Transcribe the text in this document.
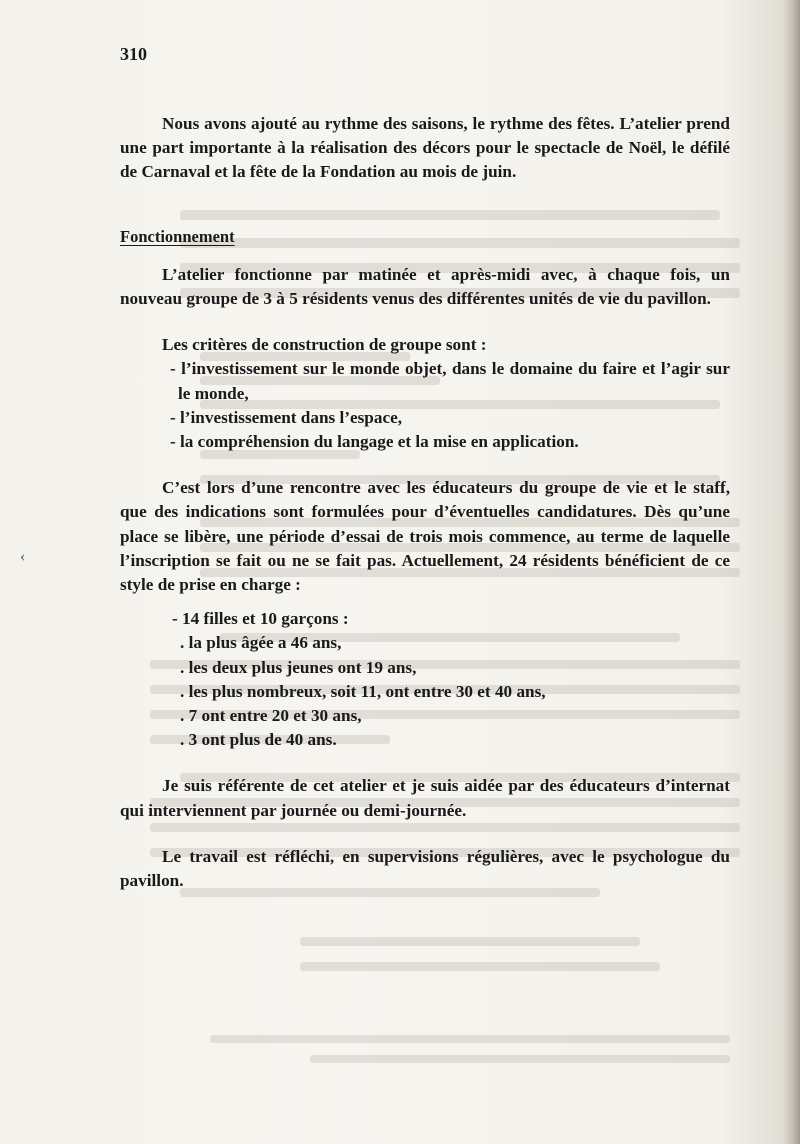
310
‹

Nous avons ajouté au rythme des saisons, le rythme des fêtes. L’atelier prend une part importante à la réalisation des décors pour le spectacle de Noël, le défilé de Carnaval et la fête de la Fondation au mois de juin.

Fonctionnement

L’atelier fonctionne par matinée et après-midi avec, à chaque fois, un nouveau groupe de 3 à 5 résidents venus des différentes unités de vie du pavillon.

Les critères de construction de groupe sont :

- l’investissement sur le monde objet, dans le domaine du faire et l’agir sur le monde,

- l’investissement dans l’espace,

- la compréhension du langage et la mise en application.

C’est lors d’une rencontre avec les éducateurs du groupe de vie et le staff, que des indications sont formulées pour d’éventuelles candidatures. Dès qu’une place se libère, une période d’essai de trois mois commence, au terme de laquelle l’inscription se fait ou ne se fait pas. Actuellement, 24 résidents bénéficient de ce style de prise en charge :

- 14 filles et 10 garçons :

. la plus âgée a 46 ans,

. les deux plus jeunes ont 19 ans,

. les plus nombreux, soit 11, ont entre 30 et 40 ans,

. 7 ont entre 20 et 30 ans,

. 3 ont plus de 40 ans.

Je suis référente de cet atelier et je suis aidée par des éducateurs d’internat qui interviennent par journée ou demi-journée.

Le travail est réfléchi, en supervisions régulières, avec le psychologue du pavillon.
